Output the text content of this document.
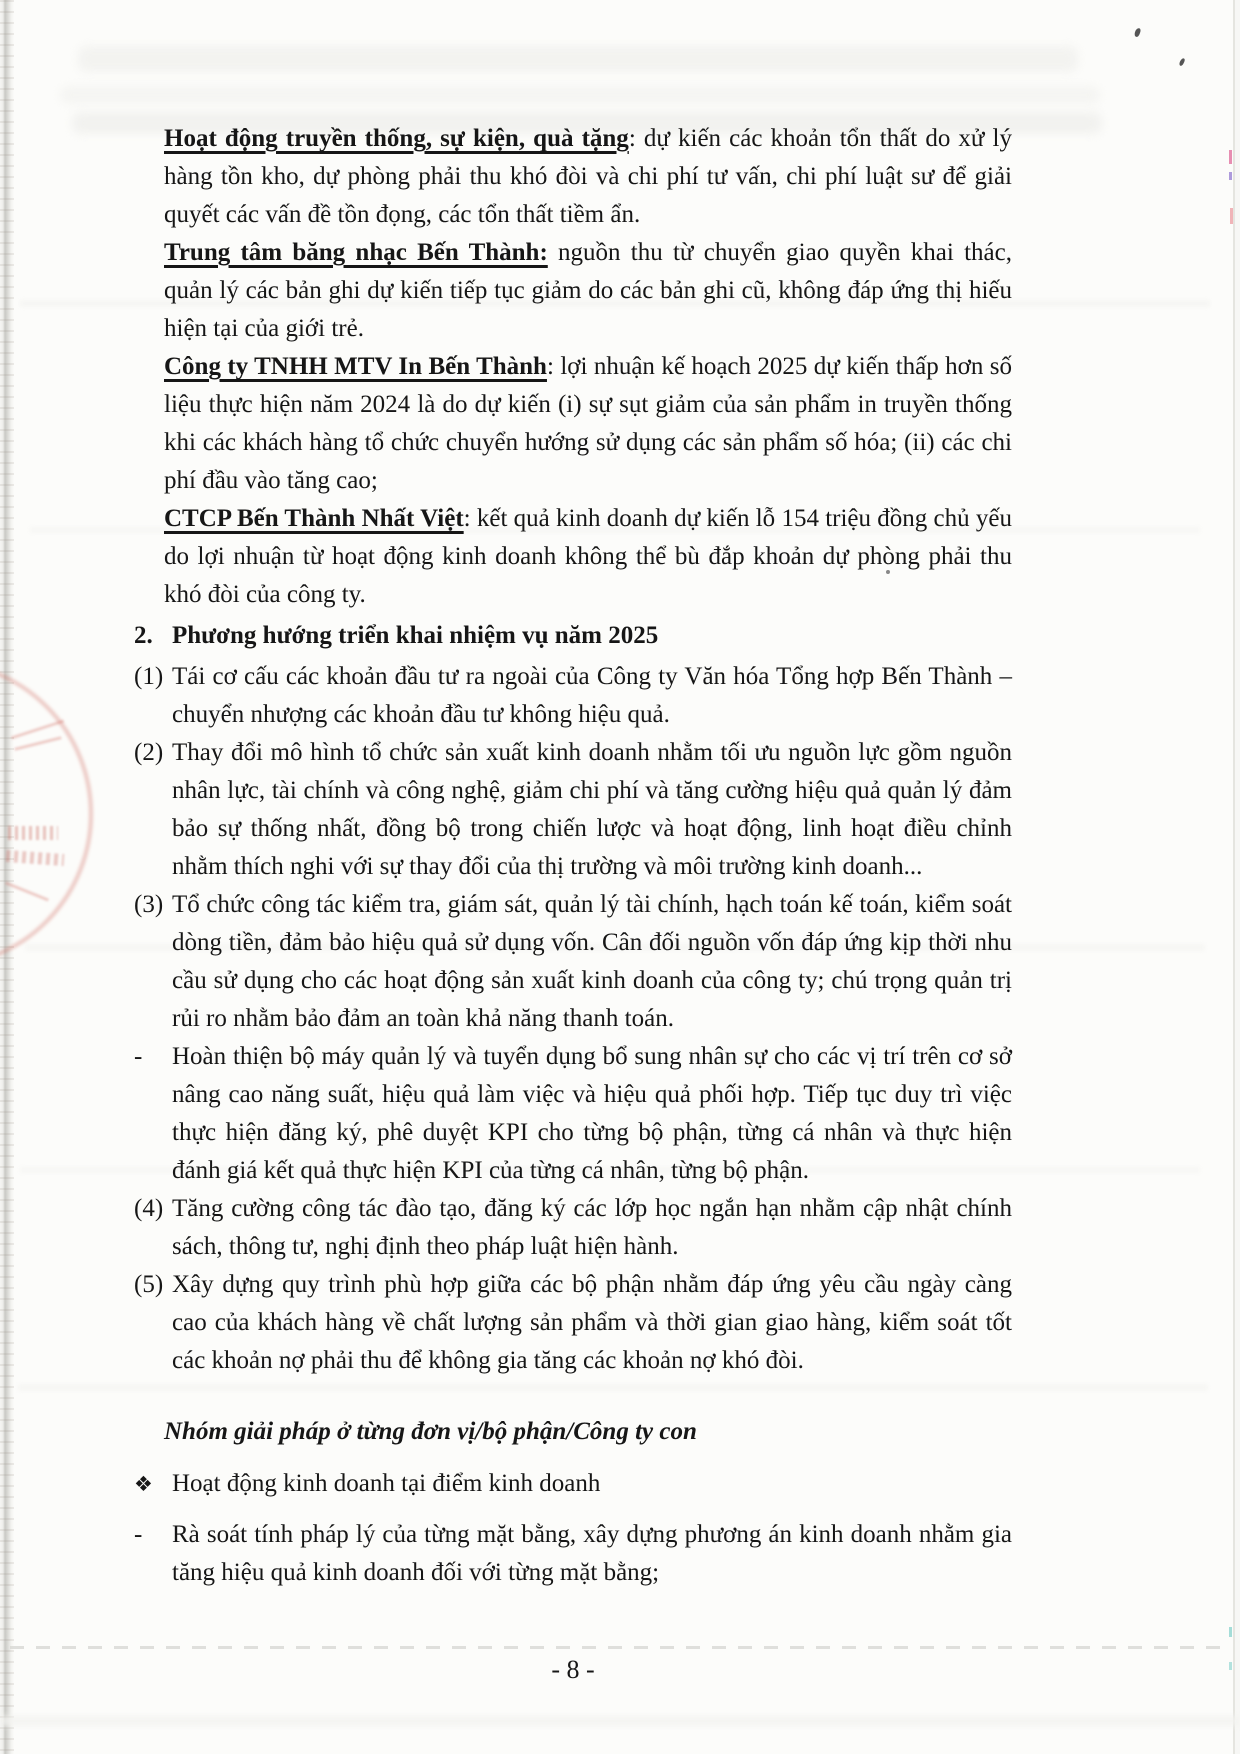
Hoạt động truyền thống, sự kiện, quà tặng: dự kiến các khoản tổn thất do xử lý hàng tồn kho, dự phòng phải thu khó đòi và chi phí tư vấn, chi phí luật sư để giải quyết các vấn đề tồn đọng, các tổn thất tiềm ẩn.

Trung tâm băng nhạc Bến Thành: nguồn thu từ chuyển giao quyền khai thác, quản lý các bản ghi dự kiến tiếp tục giảm do các bản ghi cũ, không đáp ứng thị hiếu hiện tại của giới trẻ.

Công ty TNHH MTV In Bến Thành: lợi nhuận kế hoạch 2025 dự kiến thấp hơn số liệu thực hiện năm 2024 là do dự kiến (i) sự sụt giảm của sản phẩm in truyền thống khi các khách hàng tổ chức chuyển hướng sử dụng các sản phẩm số hóa; (ii) các chi phí đầu vào tăng cao;

CTCP Bến Thành Nhất Việt: kết quả kinh doanh dự kiến lỗ 154 triệu đồng chủ yếu do lợi nhuận từ hoạt động kinh doanh không thể bù đắp khoản dự phòng phải thu khó đòi của công ty.

2. Phương hướng triển khai nhiệm vụ năm 2025
(1) Tái cơ cấu các khoản đầu tư ra ngoài của Công ty Văn hóa Tổng hợp Bến Thành – chuyển nhượng các khoản đầu tư không hiệu quả.
(2) Thay đổi mô hình tổ chức sản xuất kinh doanh nhằm tối ưu nguồn lực gồm nguồn nhân lực, tài chính và công nghệ, giảm chi phí và tăng cường hiệu quả quản lý đảm bảo sự thống nhất, đồng bộ trong chiến lược và hoạt động, linh hoạt điều chỉnh nhằm thích nghi với sự thay đổi của thị trường và môi trường kinh doanh...
(3) Tổ chức công tác kiểm tra, giám sát, quản lý tài chính, hạch toán kế toán, kiểm soát dòng tiền, đảm bảo hiệu quả sử dụng vốn. Cân đối nguồn vốn đáp ứng kịp thời nhu cầu sử dụng cho các hoạt động sản xuất kinh doanh của công ty; chú trọng quản trị rủi ro nhằm bảo đảm an toàn khả năng thanh toán.
-	Hoàn thiện bộ máy quản lý và tuyển dụng bổ sung nhân sự cho các vị trí trên cơ sở nâng cao năng suất, hiệu quả làm việc và hiệu quả phối hợp. Tiếp tục duy trì việc thực hiện đăng ký, phê duyệt KPI cho từng bộ phận, từng cá nhân và thực hiện đánh giá kết quả thực hiện KPI của từng cá nhân, từng bộ phận.
(4) Tăng cường công tác đào tạo, đăng ký các lớp học ngắn hạn nhằm cập nhật chính sách, thông tư, nghị định theo pháp luật hiện hành.
(5) Xây dựng quy trình phù hợp giữa các bộ phận nhằm đáp ứng yêu cầu ngày càng cao của khách hàng về chất lượng sản phẩm và thời gian giao hàng, kiểm soát tốt các khoản nợ phải thu để không gia tăng các khoản nợ khó đòi.
Nhóm giải pháp ở từng đơn vị/bộ phận/Công ty con
❖ Hoạt động kinh doanh tại điểm kinh doanh
-	Rà soát tính pháp lý của từng mặt bằng, xây dựng phương án kinh doanh nhằm gia tăng hiệu quả kinh doanh đối với từng mặt bằng;
- 8 -
